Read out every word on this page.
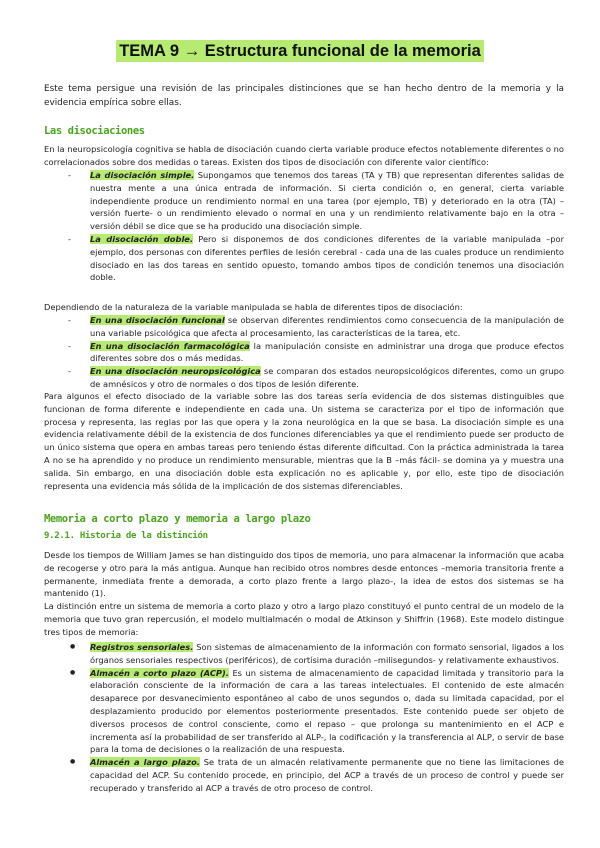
TEMA 9 → Estructura funcional de la memoria

Este tema persigue una revisión de las principales distinciones que se han hecho dentro de la memoria y la evidencia empírica sobre ellas.

Las disociaciones

En la neuropsicología cognitiva se habla de disociación cuando cierta variable produce efectos notablemente diferentes o no correlacionados sobre dos medidas o tareas. Existen dos tipos de disociación con diferente valor científico:

- La disociación simple. Supongamos que tenemos dos tareas (TA y TB) que representan diferentes salidas de nuestra mente a una única entrada de información. Si cierta condición o, en general, cierta variable independiente produce un rendimiento normal en una tarea (por ejemplo, TB) y deteriorado en la otra (TA) –versión fuerte- o un rendimiento elevado o normal en una y un rendimiento relativamente bajo en la otra –versión débil se dice que se ha producido una disociación simple.
- La disociación doble. Pero si disponemos de dos condiciones diferentes de la variable manipulada –por ejemplo, dos personas con diferentes perfiles de lesión cerebral - cada una de las cuales produce un rendimiento disociado en las dos tareas en sentido opuesto, tomando ambos tipos de condición tenemos una disociación doble.

Dependiendo de la naturaleza de la variable manipulada se habla de diferentes tipos de disociación:

- En una disociación funcional se observan diferentes rendimientos como consecuencia de la manipulación de una variable psicológica que afecta al procesamiento, las características de la tarea, etc.
- En una disociación farmacológica la manipulación consiste en administrar una droga que produce efectos diferentes sobre dos o más medidas.
- En una disociación neuropsicológica se comparan dos estados neuropsicológicos diferentes, como un grupo de amnésicos y otro de normales o dos tipos de lesión diferente.

Para algunos el efecto disociado de la variable sobre las dos tareas sería evidencia de dos sistemas distinguibles que funcionan de forma diferente e independiente en cada una. Un sistema se caracteriza por el tipo de información que procesa y representa, las reglas por las que opera y la zona neurológica en la que se basa. La disociación simple es una evidencia relativamente débil de la existencia de dos funciones diferenciables ya que el rendimiento puede ser producto de un único sistema que opera en ambas tareas pero teniendo éstas diferente dificultad. Con la práctica administrada la tarea A no se ha aprendido y no produce un rendimiento mensurable, mientras que la B –más fácil- se domina ya y muestra una salida. Sin embargo, en una disociación doble esta explicación no es aplicable y, por ello, este tipo de disociación representa una evidencia más sólida de la implicación de dos sistemas diferenciables.

Memoria a corto plazo y memoria a largo plazo
9.2.1. Historia de la distinción

Desde los tiempos de William James se han distinguido dos tipos de memoria, uno para almacenar la información que acaba de recogerse y otro para la más antigua. Aunque han recibido otros nombres desde entonces –memoria transitoria frente a permanente, inmediata frente a demorada, a corto plazo frente a largo plazo-, la idea de estos dos sistemas se ha mantenido (1).

La distinción entre un sistema de memoria a corto plazo y otro a largo plazo constituyó el punto central de un modelo de la memoria que tuvo gran repercusión, el modelo multialmacén o modal de Atkinson y Shiffrin (1968). Este modelo distingue tres tipos de memoria:

● Registros sensoriales. Son sistemas de almacenamiento de la información con formato sensorial, ligados a los órganos sensoriales respectivos (periféricos), de cortísima duración –milisegundos- y relativamente exhaustivos.
● Almacén a corto plazo (ACP). Es un sistema de almacenamiento de capacidad limitada y transitorio para la elaboración consciente de la información de cara a las tareas intelectuales. El contenido de este almacén desaparece por desvanecimiento espontáneo al cabo de unos segundos o, dada su limitada capacidad, por el desplazamiento producido por elementos posteriormente presentados. Este contenido puede ser objeto de diversos procesos de control consciente, como el repaso – que prolonga su mantenimiento en el ACP e incrementa así la probabilidad de ser transferido al ALP-, la codificación y la transferencia al ALP, o servir de base para la toma de decisiones o la realización de una respuesta.
● Almacén a largo plazo. Se trata de un almacén relativamente permanente que no tiene las limitaciones de capacidad del ACP. Su contenido procede, en principio, del ACP a través de un proceso de control y puede ser recuperado y transferido al ACP a través de otro proceso de control.
